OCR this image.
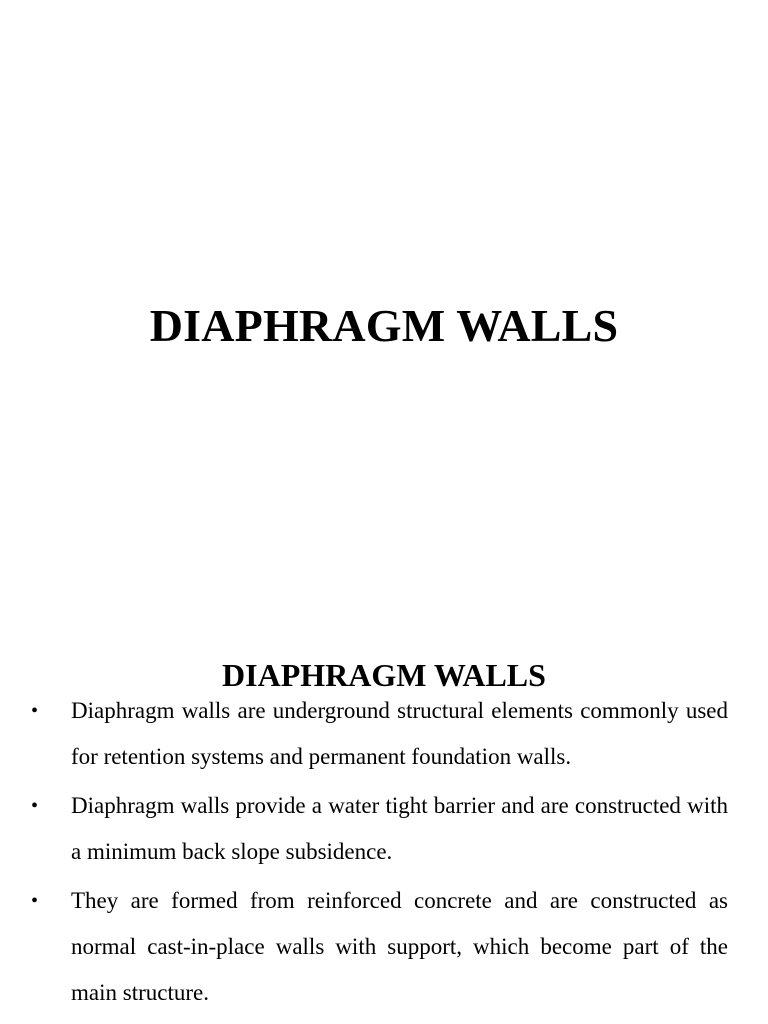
DIAPHRAGM WALLS
DIAPHRAGM WALLS
• Diaphragm walls are underground structural elements commonly used for retention systems and permanent foundation walls.
• Diaphragm walls provide a water tight barrier and are constructed with a minimum back slope subsidence.
• They are formed from reinforced concrete and are constructed as normal cast-in-place walls with support, which become part of the main structure.
